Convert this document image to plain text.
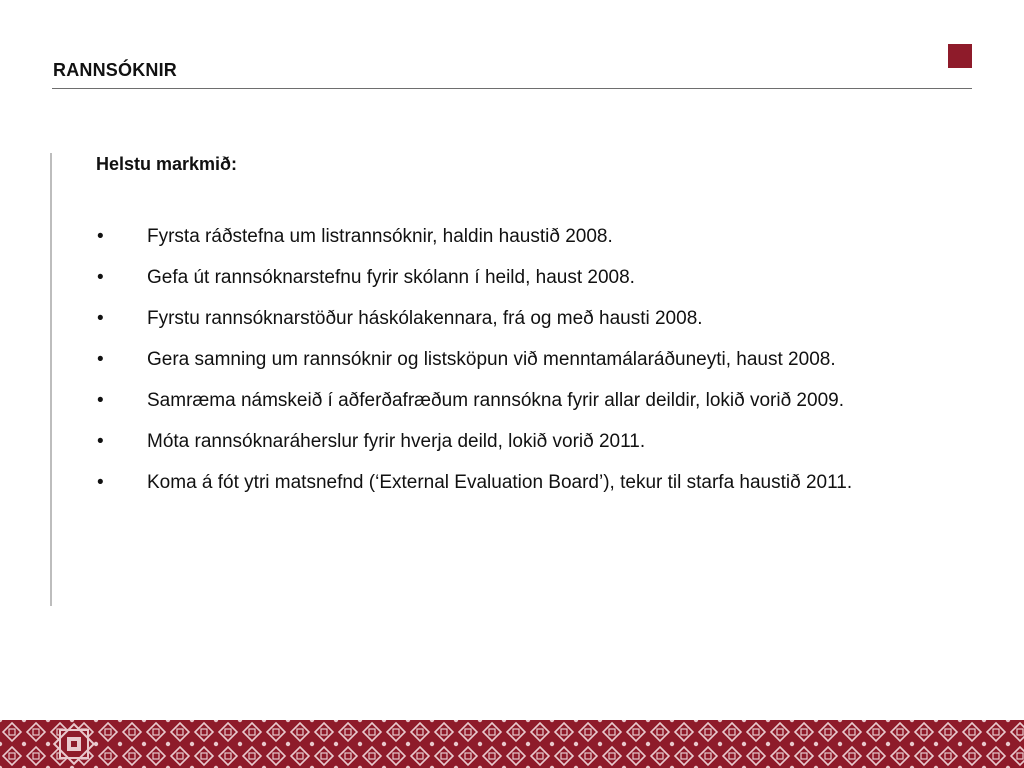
RANNSÓKNIR
Helstu markmið:
• Fyrsta ráðstefna um listrannsóknir, haldin haustið 2008.
• Gefa út rannsóknarstefnu fyrir skólann í heild, haust 2008.
• Fyrstu rannsóknarstöður háskólakennara, frá og með hausti 2008.
• Gera samning um rannsóknir og listsköpun við menntamálaráðuneyti, haust 2008.
• Samræma námskeið í aðferðafræðum rannsókna fyrir allar deildir, lokið vorið 2009.
• Móta rannsóknaráherslur fyrir hverja deild, lokið vorið 2011.
• Koma á fót ytri matsnefnd (‘External Evaluation Board’), tekur til starfa haustið 2011.
